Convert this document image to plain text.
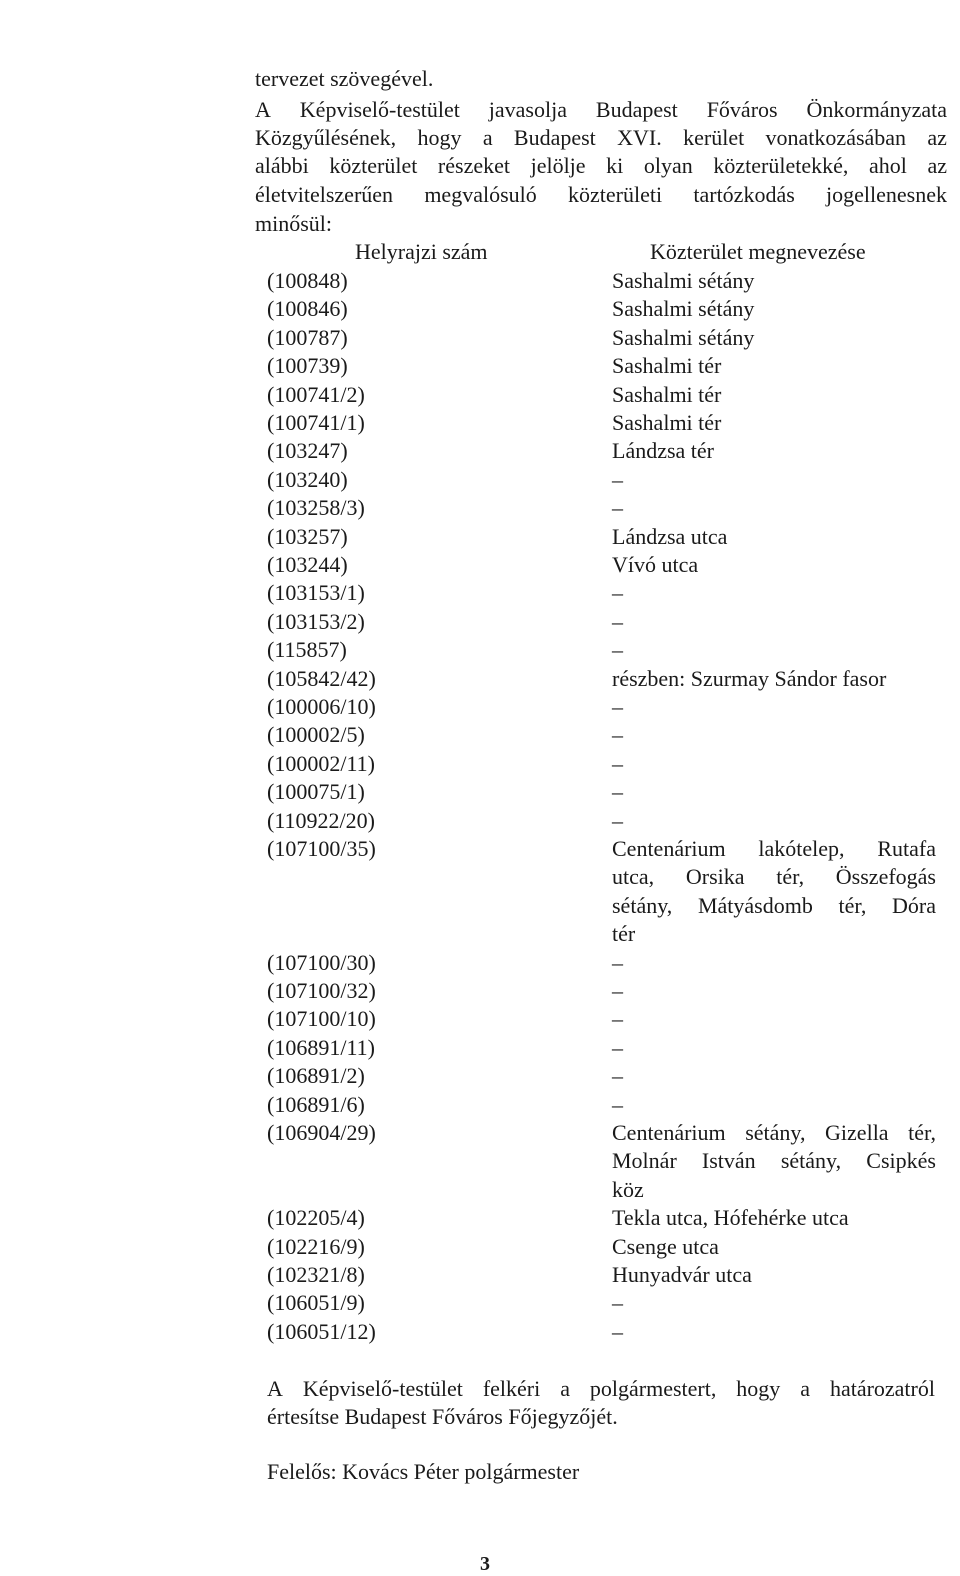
tervezet szövegével.
A Képviselő-testület javasolja Budapest Főváros Önkormányzata
Közgyűlésének, hogy a Budapest XVI. kerület vonatkozásában az
alábbi közterület részeket jelölje ki olyan közterületekké, ahol az
életvitelszerűen megvalósuló közterületi tartózkodás jogellenesnek
minősül:
Helyrajzi szám	Közterület megnevezése
(100848)	Sashalmi sétány
(100846)	Sashalmi sétány
(100787)	Sashalmi sétány
(100739)	Sashalmi tér
(100741/2)	Sashalmi tér
(100741/1)	Sashalmi tér
(103247)	Lándzsa tér
(103240)	–
(103258/3)	–
(103257)	Lándzsa utca
(103244)	Vívó utca
(103153/1)	–
(103153/2)	–
(115857)	–
(105842/42)	részben: Szurmay Sándor fasor
(100006/10)	–
(100002/5)	–
(100002/11)	–
(100075/1)	–
(110922/20)	–
(107100/35)	Centenárium lakótelep, Rutafa
utca, Orsika tér, Összefogás
sétány, Mátyásdomb tér, Dóra
tér
(107100/30)	–
(107100/32)	–
(107100/10)	–
(106891/11)	–
(106891/2)	–
(106891/6)	–
(106904/29)	Centenárium sétány, Gizella tér,
Molnár István sétány, Csipkés
köz
(102205/4)	Tekla utca, Hófehérke utca
(102216/9)	Csenge utca
(102321/8)	Hunyadvár utca
(106051/9)	–
(106051/12)	–
A Képviselő-testület felkéri a polgármestert, hogy a határozatról
értesítse Budapest Főváros Főjegyzőjét.
Felelős: Kovács Péter polgármester
3
